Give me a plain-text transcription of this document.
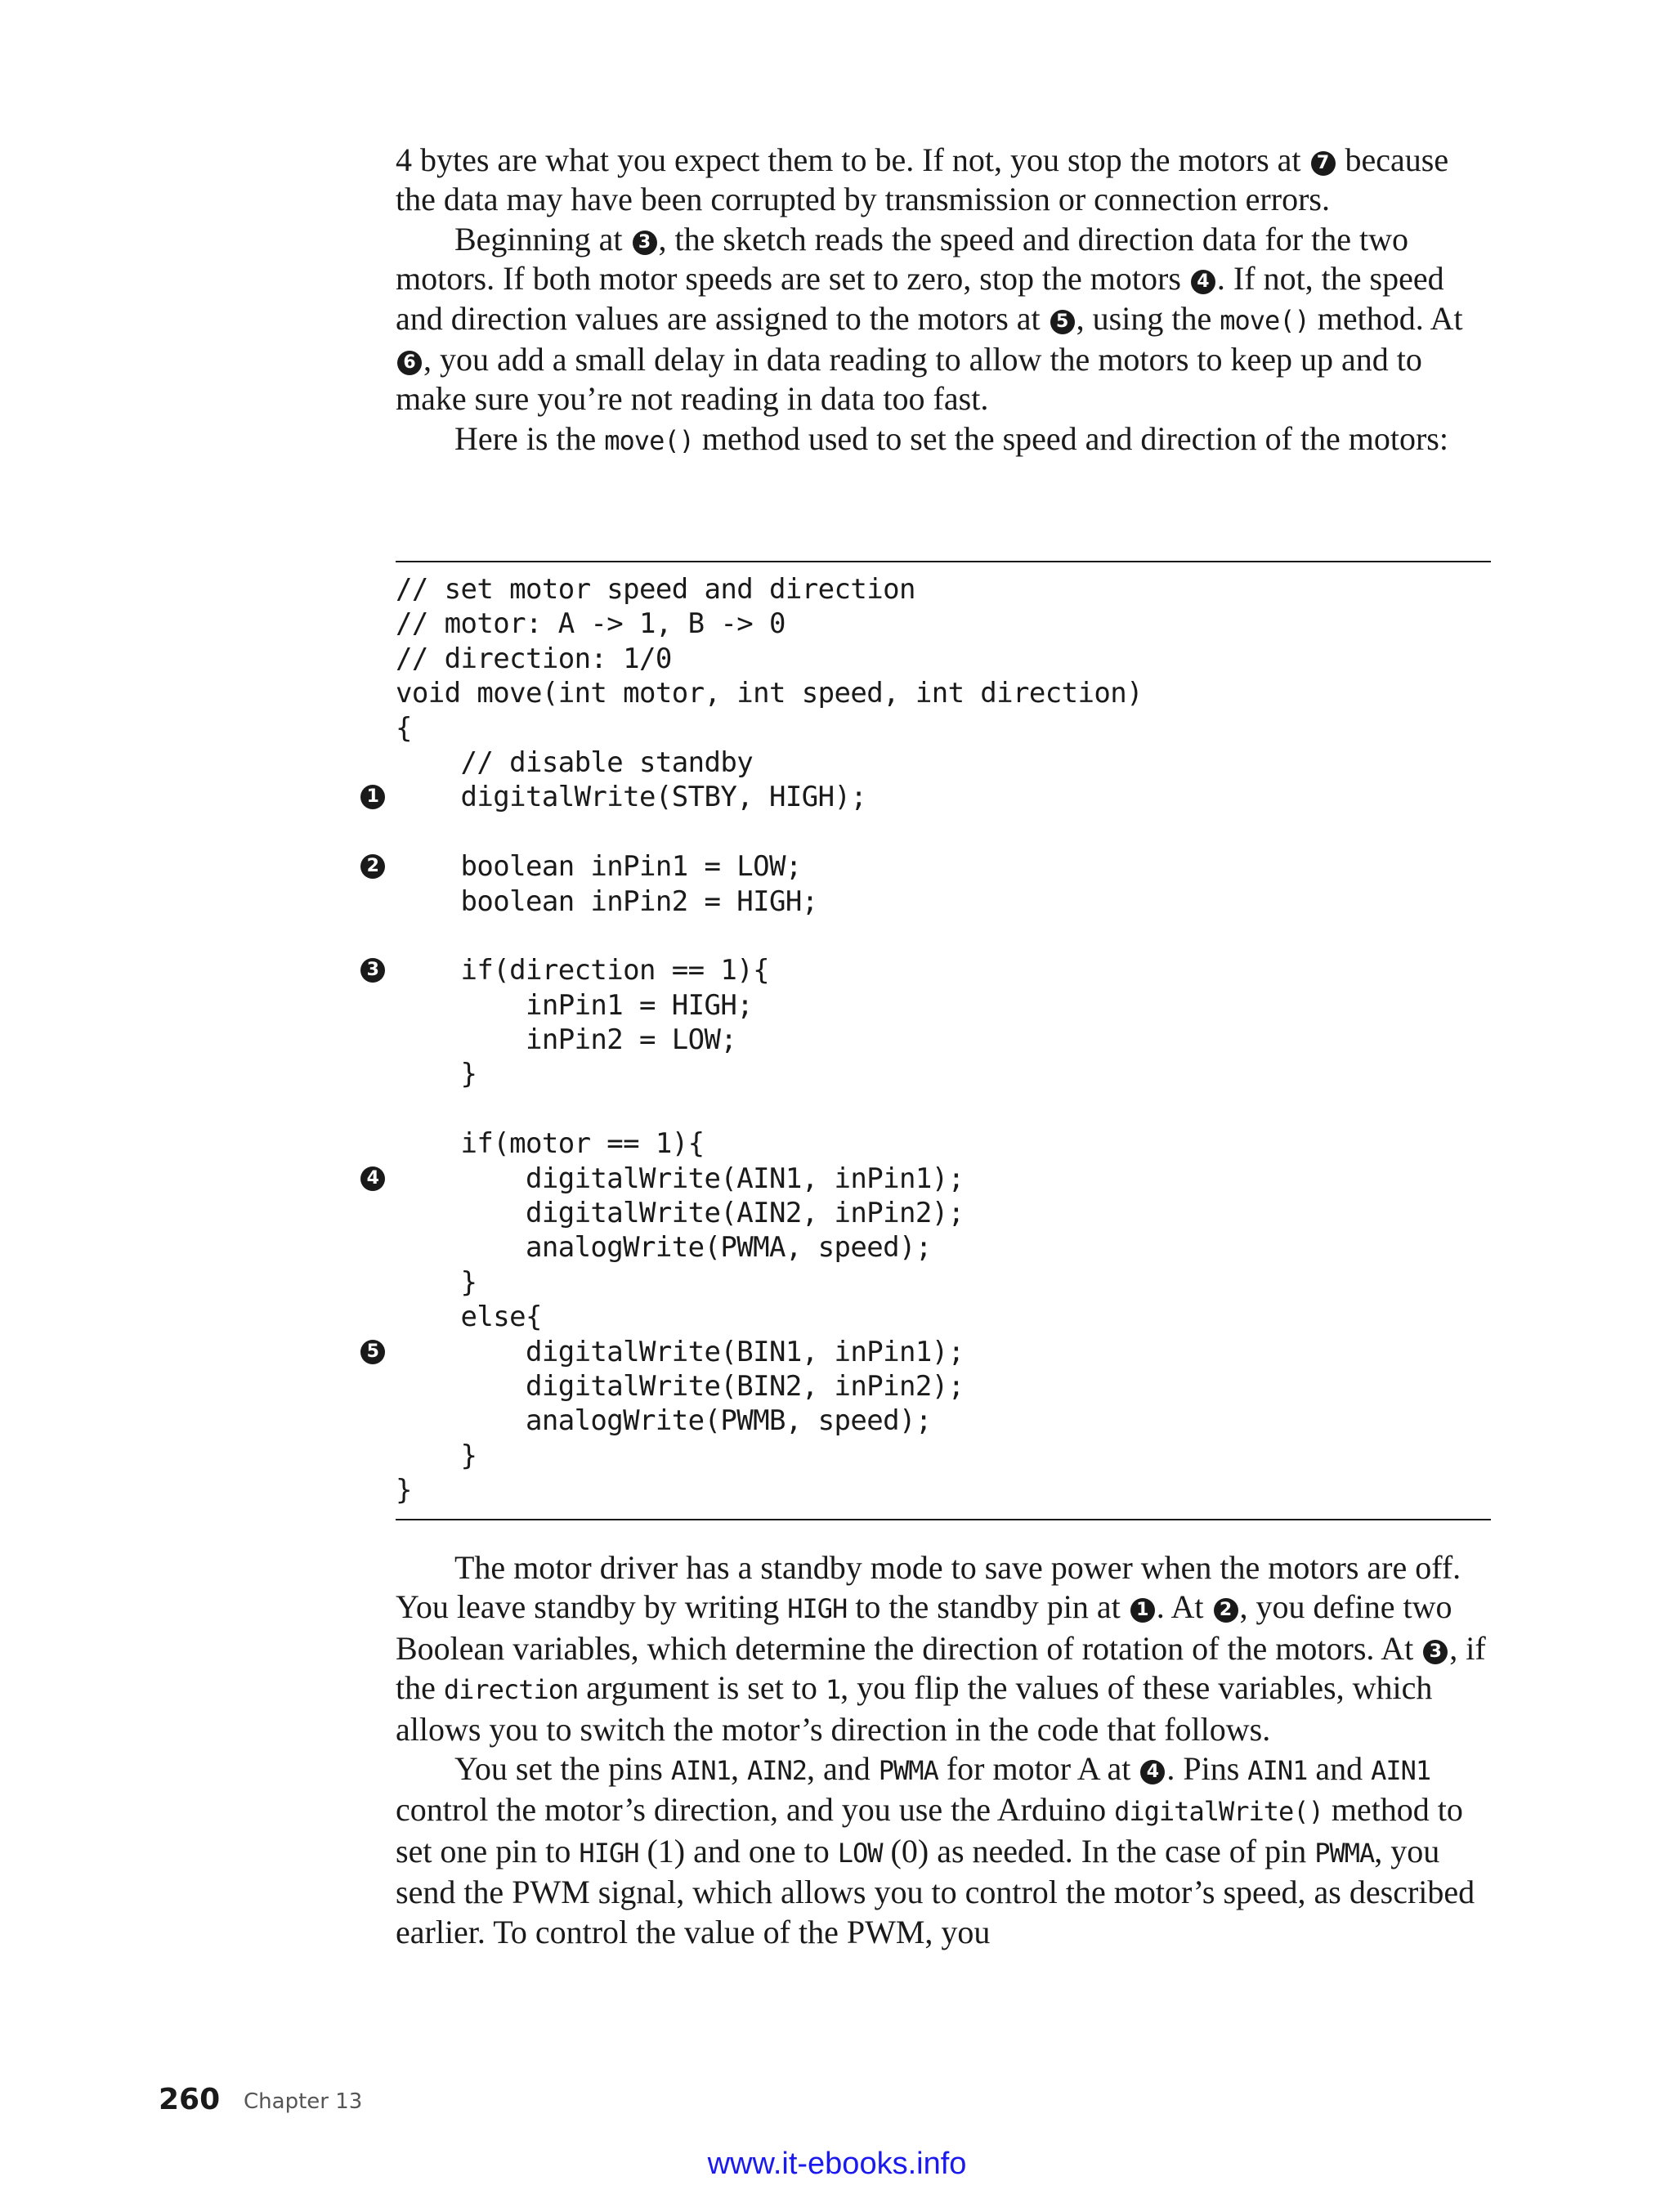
4 bytes are what you expect them to be. If not, you stop the motors at 7 because the data may have been corrupted by transmission or connection errors.

Beginning at 3 , the sketch reads the speed and direction data for the two motors. If both motor speeds are set to zero, stop the motors 4 . If not, the speed and direction values are assigned to the motors at 5 , using the move() method. At 6 , you add a small delay in data reading to allow the motors to keep up and to make sure you’re not reading in data too fast.

Here is the move() method used to set the speed and direction of the motors:

// set motor speed and direction
// motor: A -> 1, B -> 0
// direction: 1/0
void move(int motor, int speed, int direction)
{
// disable standby
digitalWrite(STBY, HIGH);
1
boolean inPin1 = LOW;
2
boolean inPin2 = HIGH;
if(direction == 1){
3
inPin1 = HIGH;
inPin2 = LOW;
}
if(motor == 1){
digitalWrite(AIN1, inPin1);
4
digitalWrite(AIN2, inPin2);
analogWrite(PWMA, speed);
}
else{
digitalWrite(BIN1, inPin1);
5
digitalWrite(BIN2, inPin2);
analogWrite(PWMB, speed);
}
}

The motor driver has a standby mode to save power when the motors are off. You leave standby by writing HIGH to the standby pin at 1 . At 2 , you define two Boolean variables, which determine the direction of rotation of the motors. At 3 , if the direction argument is set to 1, you flip the values of these variables, which allows you to switch the motor’s direction in the code that follows.

You set the pins AIN1, AIN2, and PWMA for motor A at 4 . Pins AIN1 and AIN1 control the motor’s direction, and you use the Arduino digitalWrite() method to set one pin to HIGH (1) and one to LOW (0) as needed. In the case of pin PWMA, you send the PWM signal, which allows you to control the motor’s speed, as described earlier. To control the value of the PWM, you

260 Chapter 13
www.it-ebooks.info
